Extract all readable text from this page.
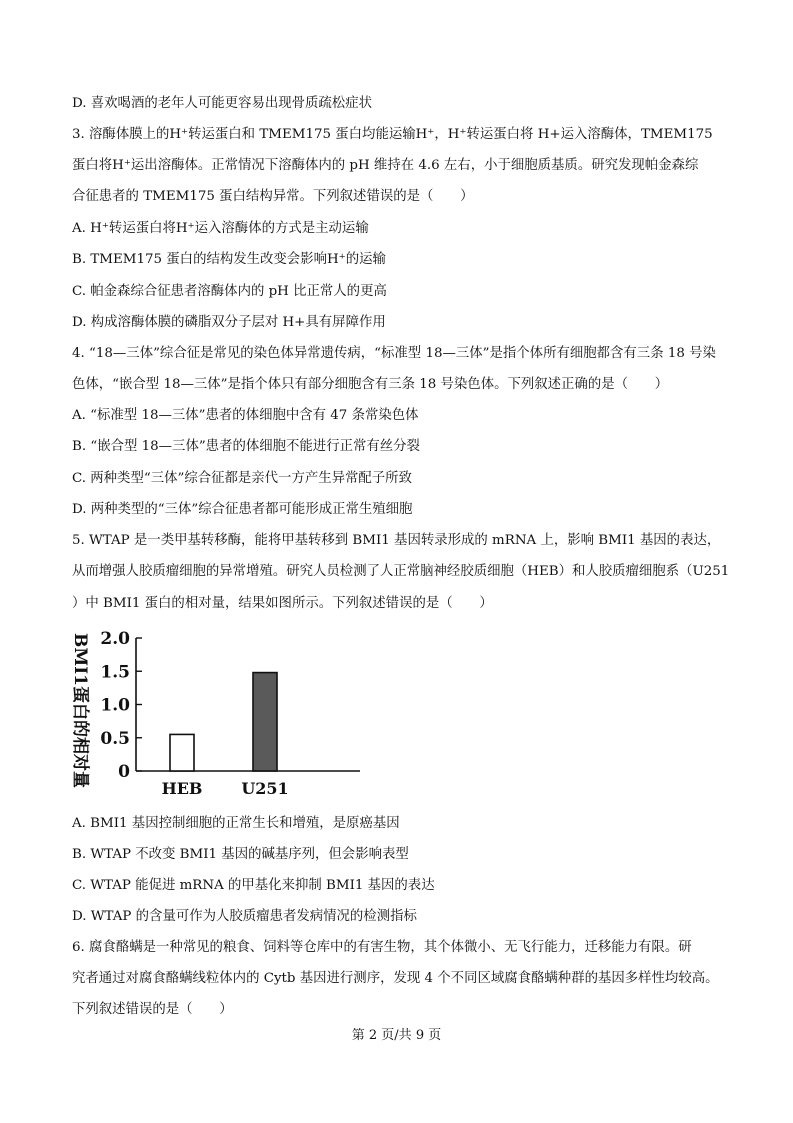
D. 喜欢喝酒的老年人可能更容易出现骨质疏松症状
3. 溶酶体膜上的H⁺转运蛋白和 TMEM175 蛋白均能运输H⁺，H⁺转运蛋白将 H+运入溶酶体，TMEM175
蛋白将H⁺运出溶酶体。正常情况下溶酶体内的 pH 维持在 4.6 左右，小于细胞质基质。研究发现帕金森综
合征患者的 TMEM175 蛋白结构异常。下列叙述错误的是（　　）
A. H⁺转运蛋白将H⁺运入溶酶体的方式是主动运输
B. TMEM175 蛋白的结构发生改变会影响H⁺的运输
C. 帕金森综合征患者溶酶体内的 pH 比正常人的更高
D. 构成溶酶体膜的磷脂双分子层对 H+具有屏障作用
4. “18—三体”综合征是常见的染色体异常遗传病，“标准型 18—三体”是指个体所有细胞都含有三条 18 号染
色体，“嵌合型 18—三体”是指个体只有部分细胞含有三条 18 号染色体。下列叙述正确的是（　　）
A. “标准型 18—三体”患者的体细胞中含有 47 条常染色体
B. “嵌合型 18—三体”患者的体细胞不能进行正常有丝分裂
C. 两种类型“三体”综合征都是亲代一方产生异常配子所致
D. 两种类型的“三体”综合征患者都可能形成正常生殖细胞
5. WTAP 是一类甲基转移酶，能将甲基转移到 BMI1 基因转录形成的 mRNA 上，影响 BMI1 基因的表达，
从而增强人胶质瘤细胞的异常增殖。研究人员检测了人正常脑神经胶质细胞（HEB）和人胶质瘤细胞系（U251
）中 BMI1 蛋白的相对量，结果如图所示。下列叙述错误的是（　　）
BMI1蛋白的相对量 0
0.5
1.0
1.5
2.0
HEB U251
A. BMI1 基因控制细胞的正常生长和增殖，是原癌基因
B. WTAP 不改变 BMI1 基因的碱基序列，但会影响表型
C. WTAP 能促进 mRNA 的甲基化来抑制 BMI1 基因的表达
D. WTAP 的含量可作为人胶质瘤患者发病情况的检测指标
6. 腐食酪螨是一种常见的粮食、饲料等仓库中的有害生物，其个体微小、无飞行能力，迁移能力有限。研
究者通过对腐食酪螨线粒体内的 Cytb 基因进行测序，发现 4 个不同区域腐食酪螨种群的基因多样性均较高。
下列叙述错误的是（　　）
第 2 页/共 9 页
